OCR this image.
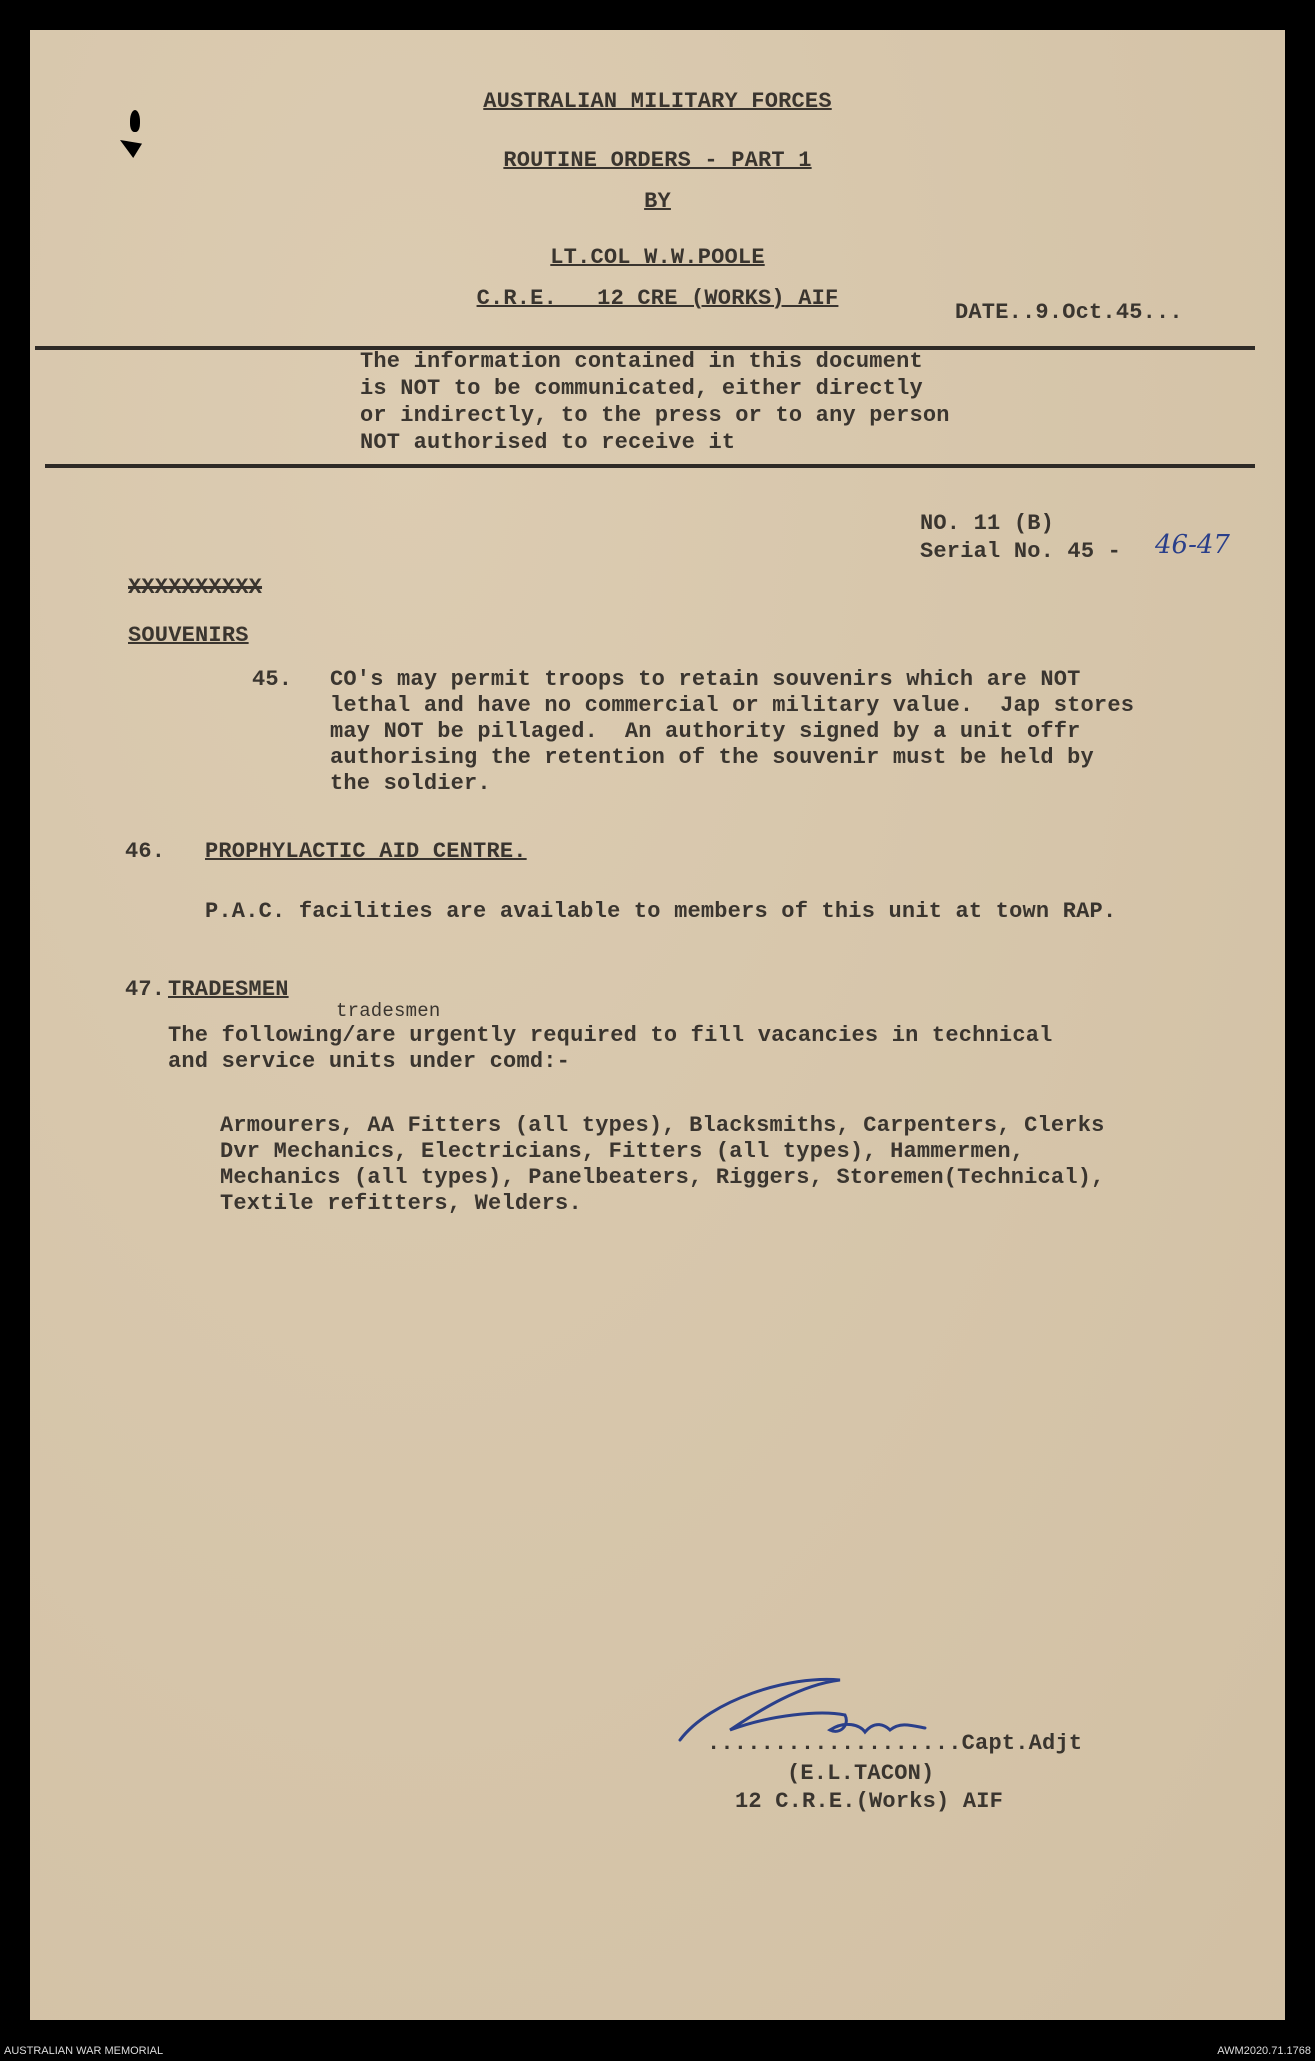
AUSTRALIAN MILITARY FORCES
ROUTINE ORDERS - PART 1
BY
LT.COL W.W.POOLE
C.R.E.   12 CRE (WORKS) AIF
DATE..9.Oct.45...
The information contained in this document
is NOT to be communicated, either directly
or indirectly, to the press or to any person
NOT authorised to receive it
NO. 11 (B)
Serial No. 45 - 46-47
XXXXXXXXXX
SOUVENIRS
45. CO's may permit troops to retain souvenirs which are NOT
lethal and have no commercial or military value.  Jap stores
may NOT be pillaged.  An authority signed by a unit offr
authorising the retention of the souvenir must be held by
the soldier.
46. PROPHYLACTIC AID CENTRE.
P.A.C. facilities are available to members of this unit at town RAP.
47. TRADESMEN
tradesmen
The following/are urgently required to fill vacancies in technical
and service units under comd:-
Armourers, AA Fitters (all types), Blacksmiths, Carpenters, Clerks
Dvr Mechanics, Electricians, Fitters (all types), Hammermen,
Mechanics (all types), Panelbeaters, Riggers, Storemen(Technical),
Textile refitters, Welders.
...................Capt.Adjt
(E.L.TACON)
12 C.R.E.(Works) AIF
AUSTRALIAN WAR MEMORIAL	AWM2020.71.1768
